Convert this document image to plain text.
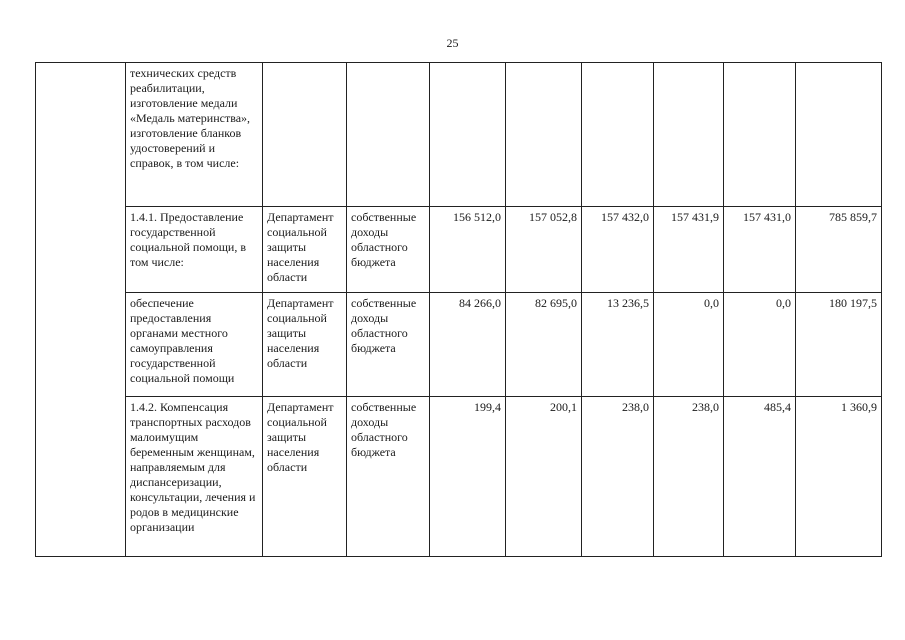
25
	технических средств реабилитации, изготовление медали «Медаль материнства», изготовление бланков удостоверений и справок, в том числе:								
	1.4.1. Предоставление государственной социальной помощи, в том числе:	Департамент социальной защиты населения области	собственные доходы областного бюджета	156 512,0	157 052,8	157 432,0	157 431,9	157 431,0	785 859,7
	обеспечение предоставления органами местного самоуправления государственной социальной помощи	Департамент социальной защиты населения области	собственные доходы областного бюджета	84 266,0	82 695,0	13 236,5	0,0	0,0	180 197,5
	1.4.2. Компенсация транспортных расходов малоимущим беременным женщинам, направляемым для диспансеризации, консультации, лечения и родов в медицинские организации	Департамент социальной защиты населения области	собственные доходы областного бюджета	199,4	200,1	238,0	238,0	485,4	1 360,9
